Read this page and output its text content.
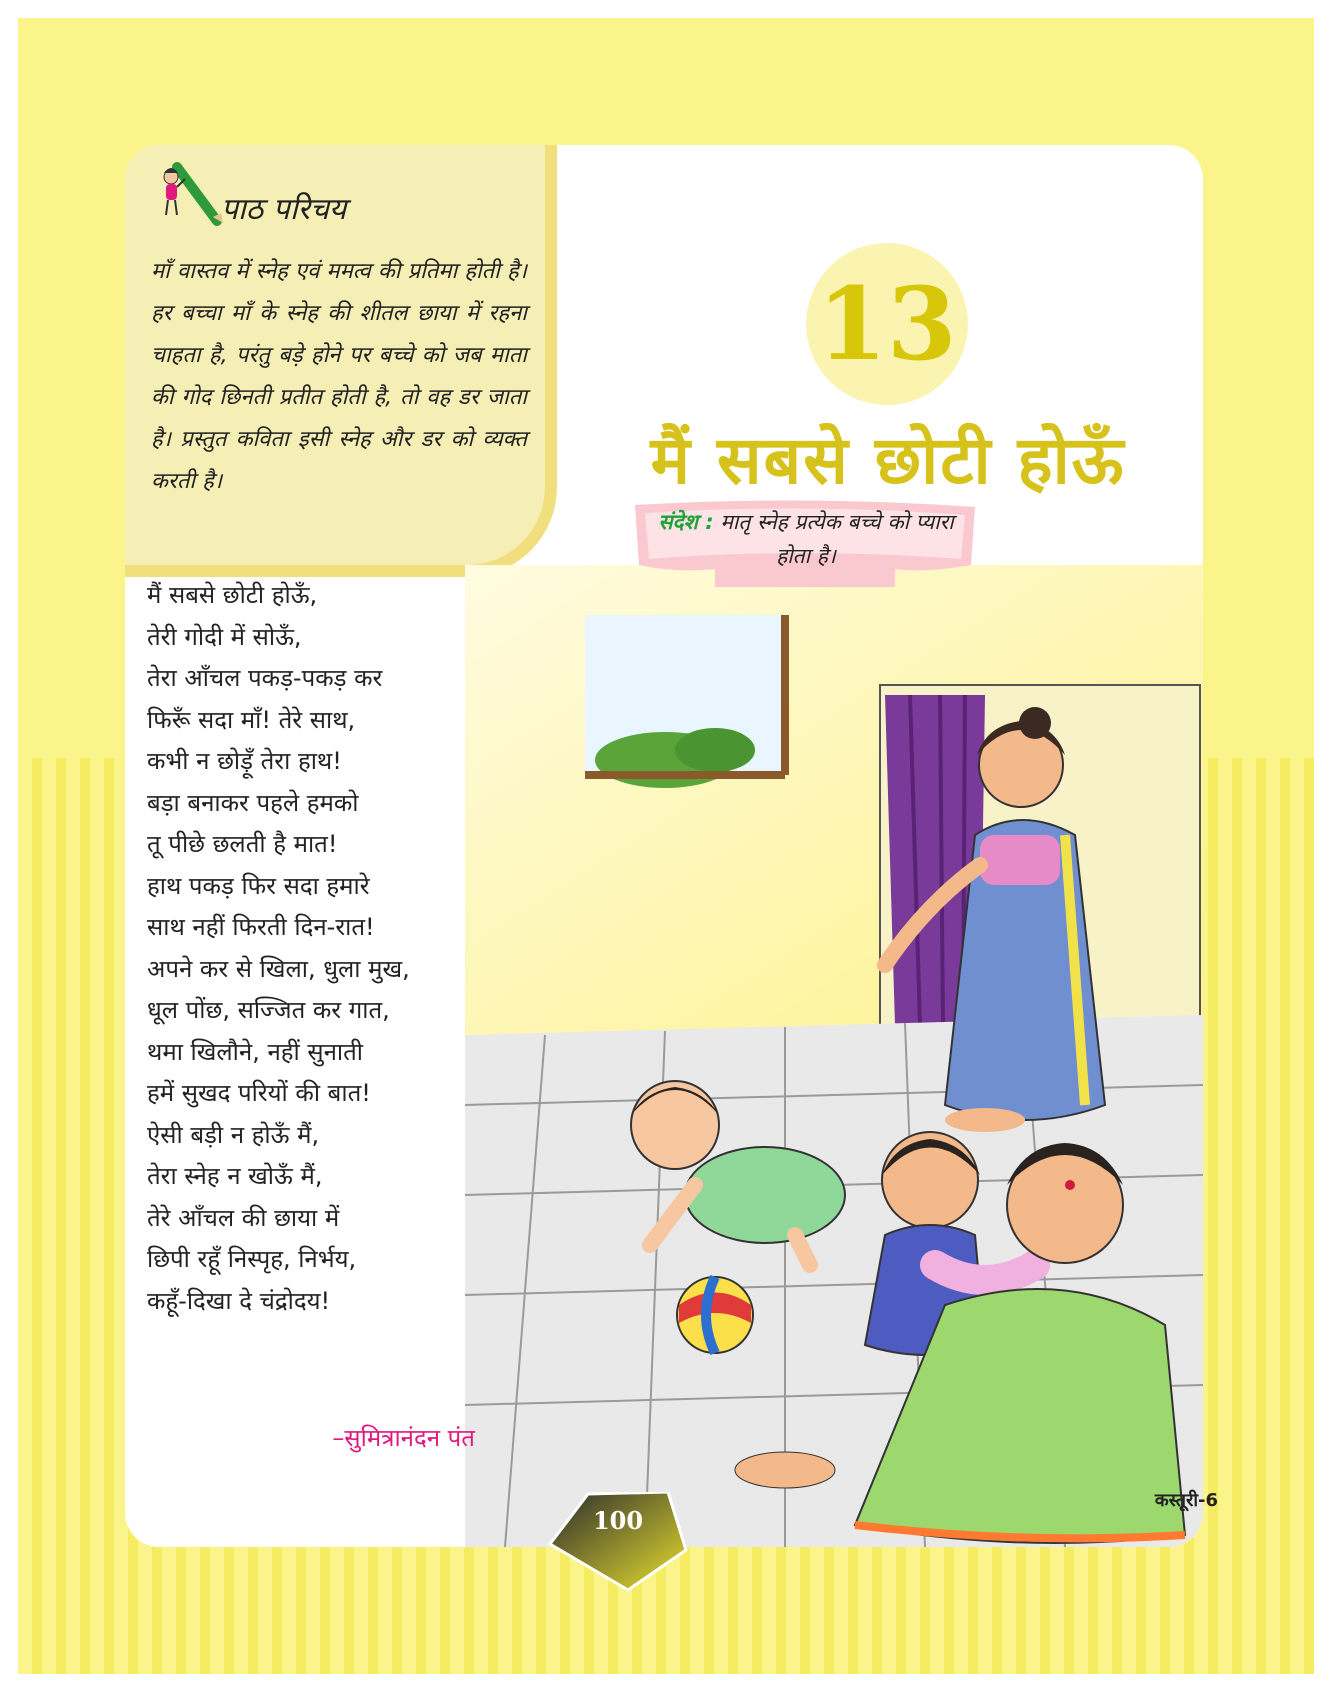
पाठ परिचय
माँ वास्तव में स्नेह एवं ममत्व की प्रतिमा होती है। हर बच्चा माँ के स्नेह की शीतल छाया में रहना चाहता है, परंतु बड़े होने पर बच्चे को जब माता की गोद छिनती प्रतीत होती है, तो वह डर जाता है। प्रस्तुत कविता इसी स्नेह और डर को व्यक्त करती है।
13
मैं सबसे छोटी होऊँ
संदेश : मातृ स्नेह प्रत्येक बच्चे को प्यारा होता है।
मैं सबसे छोटी होऊँ,
तेरी गोदी में सोऊँ,
तेरा आँचल पकड़-पकड़ कर
फिरूँ सदा माँ! तेरे साथ,
कभी न छोड़ूँ तेरा हाथ!
बड़ा बनाकर पहले हमको
तू पीछे छलती है मात!
हाथ पकड़ फिर सदा हमारे
साथ नहीं फिरती दिन-रात!
अपने कर से खिला, धुला मुख,
धूल पोंछ, सज्जित कर गात,
थमा खिलौने, नहीं सुनाती
हमें सुखद परियों की बात!
ऐसी बड़ी न होऊँ मैं,
तेरा स्नेह न खोऊँ मैं,
तेरे आँचल की छाया में
छिपी रहूँ निस्पृह, निर्भय,
कहूँ-दिखा दे चंद्रोदय!
–सुमित्रानंदन पंत
100
कस्तूरी-6
